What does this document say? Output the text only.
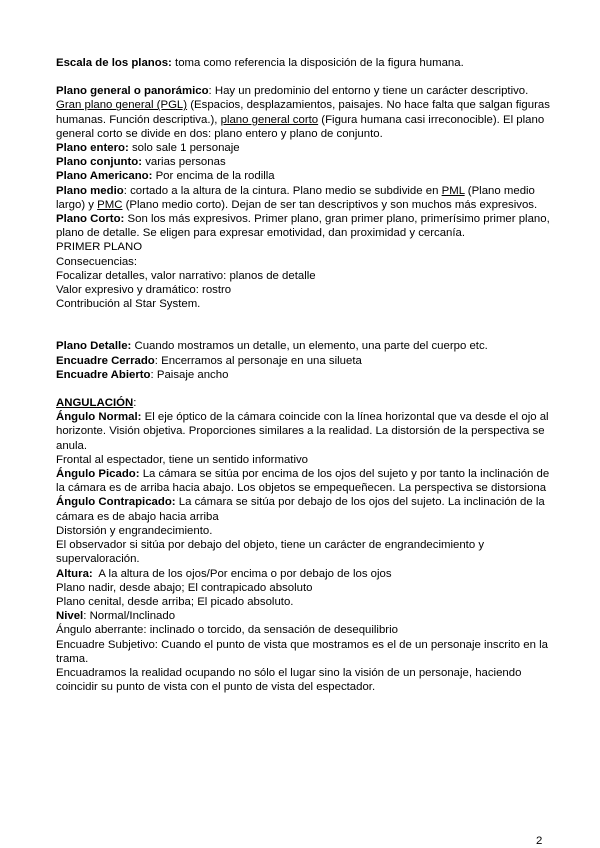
Escala de los planos: toma como referencia la disposición de la figura humana.

Plano general o panorámico: Hay un predominio del entorno y tiene un carácter descriptivo. Gran plano general (PGL) (Espacios, desplazamientos, paisajes. No hace falta que salgan figuras humanas. Función descriptiva.), plano general corto (Figura humana casi irreconocible). El plano general corto se divide en dos: plano entero y plano de conjunto.

Plano entero: solo sale 1 personaje

Plano conjunto: varias personas

Plano Americano: Por encima de la rodilla

Plano medio: cortado a la altura de la cintura. Plano medio se subdivide en PML (Plano medio largo) y PMC (Plano medio corto). Dejan de ser tan descriptivos y son muchos más expresivos.

Plano Corto: Son los más expresivos. Primer plano, gran primer plano, primerísimo primer plano, plano de detalle. Se eligen para expresar emotividad, dan proximidad y cercanía.

PRIMER PLANO

Consecuencias:

Focalizar detalles, valor narrativo: planos de detalle

Valor expresivo y dramático: rostro

Contribución al Star System.

Plano Detalle: Cuando mostramos un detalle, un elemento, una parte del cuerpo etc.

Encuadre Cerrado: Encerramos al personaje en una silueta

Encuadre Abierto: Paisaje ancho

ANGULACIÓN:

Ángulo Normal: El eje óptico de la cámara coincide con la línea horizontal que va desde el ojo al horizonte. Visión objetiva. Proporciones similares a la realidad. La distorsión de la perspectiva se anula.

Frontal al espectador, tiene un sentido informativo

Ángulo Picado: La cámara se sitúa por encima de los ojos del sujeto y por tanto la inclinación de la cámara es de arriba hacia abajo. Los objetos se empequeñecen. La perspectiva se distorsiona

Ángulo Contrapicado: La cámara se sitúa por debajo de los ojos del sujeto. La inclinación de la cámara es de abajo hacia arriba

Distorsión y engrandecimiento.

El observador si sitúa por debajo del objeto, tiene un carácter de engrandecimiento y supervaloración.

Altura:  A la altura de los ojos/Por encima o por debajo de los ojos

Plano nadir, desde abajo; El contrapicado absoluto

Plano cenital, desde arriba; El picado absoluto.

Nivel: Normal/Inclinado

Ángulo aberrante: inclinado o torcido, da sensación de desequilibrio

Encuadre Subjetivo: Cuando el punto de vista que mostramos es el de un personaje inscrito en la trama.

Encuadramos la realidad ocupando no sólo el lugar sino la visión de un personaje, haciendo coincidir su punto de vista con el punto de vista del espectador.

2
